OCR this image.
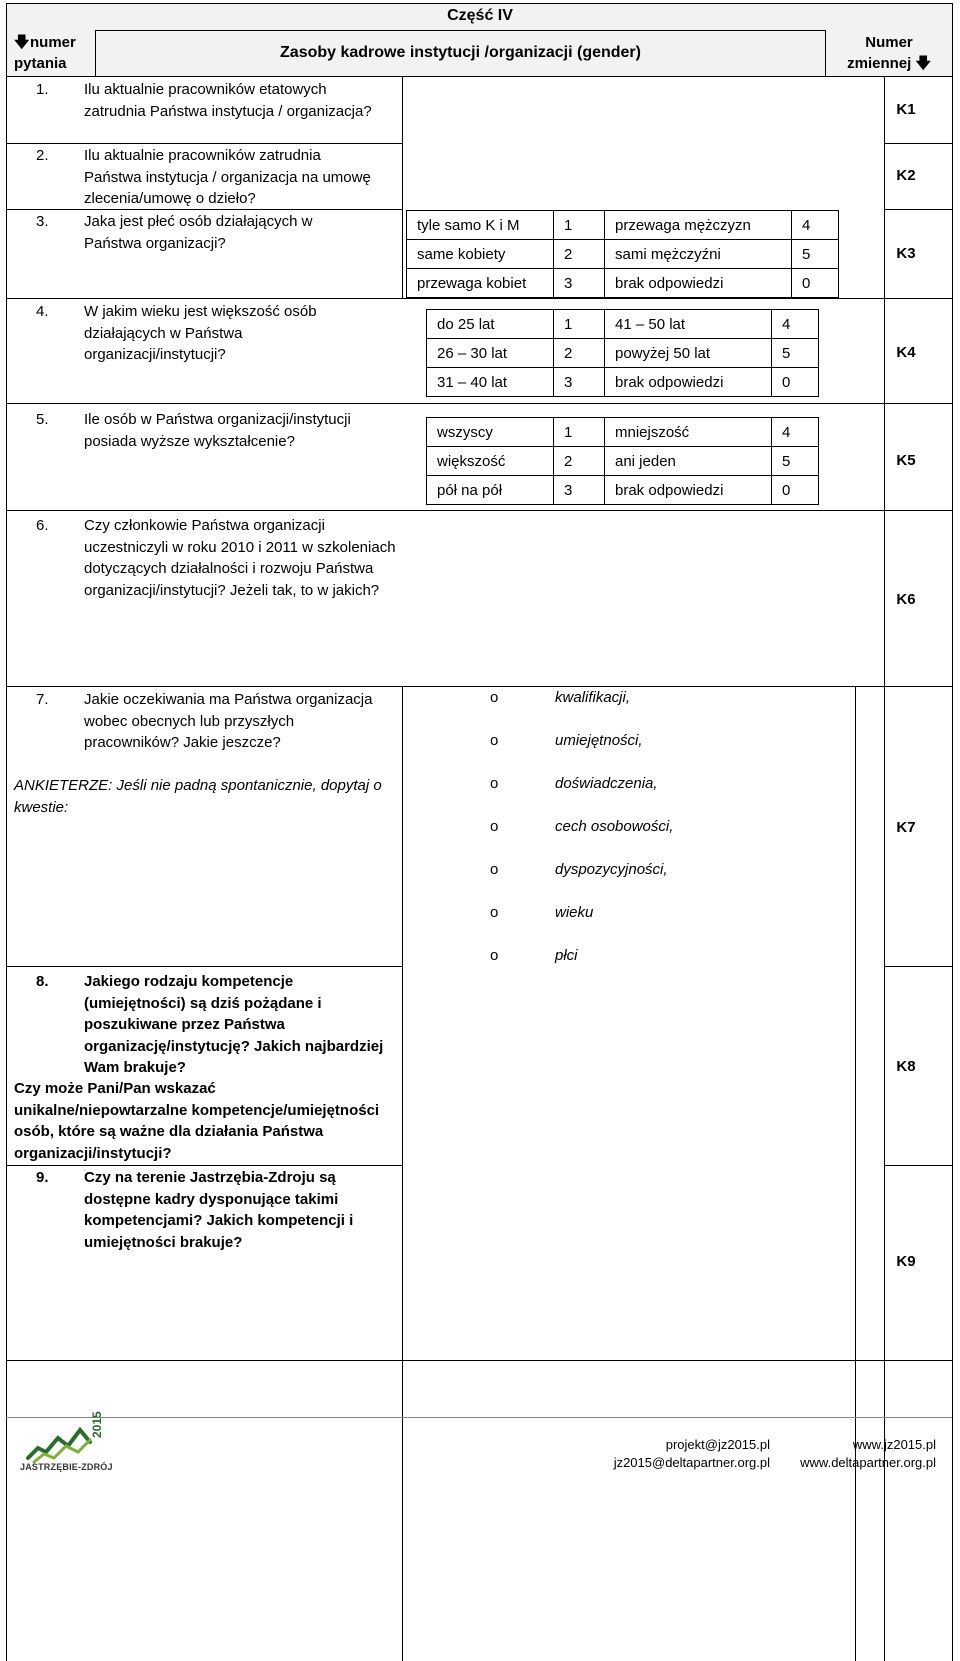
🡇numer pytania
Część IV
Zasoby kadrowe instytucji /organizacji (gender)
Numer zmiennej 🡇
1.	Ilu aktualnie pracowników etatowych zatrudnia Państwa instytucja / organizacja?	K1
2.	Ilu aktualnie pracowników zatrudnia Państwa instytucja / organizacja na umowę zlecenia/umowę o dzieło?
K2
3.	Jaka jest płeć osób działających w Państwa organizacji?
tyle samo K i M	1	przewaga mężczyzn	4
same kobiety	2	sami mężczyźni	5
przewaga kobiet	3	brak odpowiedzi	0
K3
4.	W jakim wieku jest większość osób działających w Państwa organizacji/instytucji?
do 25 lat	1	41 – 50 lat	4
26 – 30 lat	2	powyżej 50 lat	5
31 – 40 lat	3	brak odpowiedzi	0
K4
5.	Ile osób w Państwa organizacji/instytucji posiada wyższe wykształcenie?
wszyscy	1	mniejszość	4
większość	2	ani jeden	5
pół na pół	3	brak odpowiedzi	0
K5
6.	Czy członkowie Państwa organizacji uczestniczyli w roku 2010 i 2011 w szkoleniach dotyczących działalności i rozwoju Państwa organizacji/instytucji? Jeżeli tak, to w jakich?
K6
7.	Jakie oczekiwania ma Państwa organizacja wobec obecnych lub przyszłych pracowników? Jakie jeszcze?
ANKIETERZE: Jeśli nie padną spontanicznie, dopytaj o kwestie:
o	kwalifikacji,
o	umiejętności,
o	doświadczenia,
o	cech osobowości,
o	dyspozycyjności,
o	wieku
o	płci
K7
8.	Jakiego rodzaju kompetencje (umiejętności) są dziś pożądane i poszukiwane przez Państwa organizację/instytucję? Jakich najbardziej Wam brakuje?
Czy może Pani/Pan wskazać unikalne/niepowtarzalne kompetencje/umiejętności osób, które są ważne dla działania Państwa organizacji/instytucji?
K8
9.	Czy na terenie Jastrzębia-Zdroju są dostępne kadry dysponujące takimi kompetencjami? Jakich kompetencji i umiejętności brakuje?
K9
JASTRZĘBIE-ZDRÓJ
2015
projekt@jz2015.pl
jz2015@deltapartner.org.pl
www.jz2015.pl
www.deltapartner.org.pl
